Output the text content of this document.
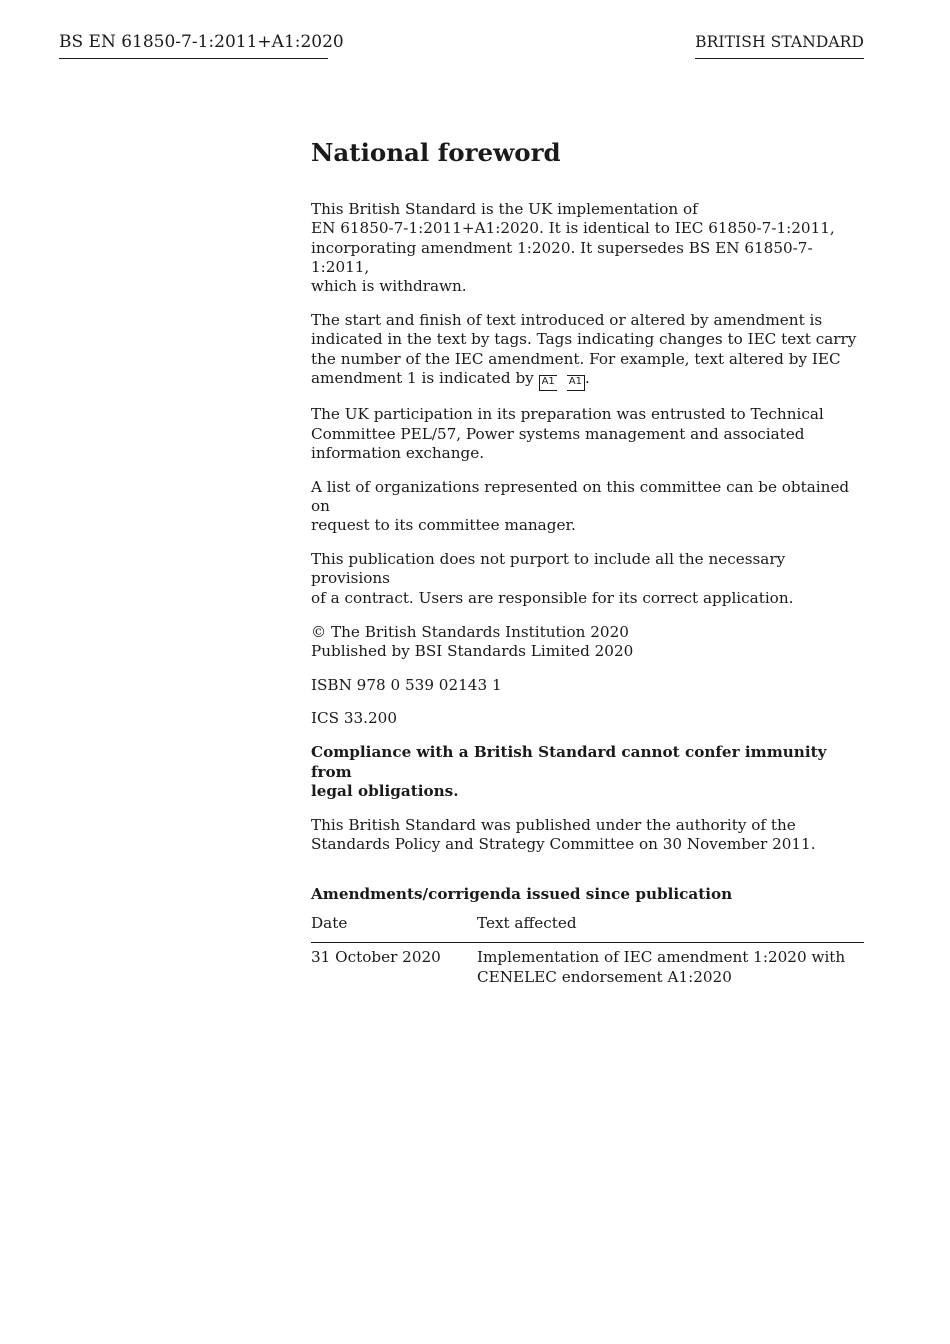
BS EN 61850-7-1:2011+A1:2020	BRITISH STANDARD
National foreword

This British Standard is the UK implementation of
EN 61850-7-1:2011+A1:2020. It is identical to IEC 61850-7-1:2011,
incorporating amendment 1:2020. It supersedes BS EN 61850-7-1:2011,
which is withdrawn.

The start and finish of text introduced or altered by amendment is
indicated in the text by tags. Tags indicating changes to IEC text carry
the number of the IEC amendment. For example, text altered by IEC
amendment 1 is indicated by A1 A1 .

The UK participation in its preparation was entrusted to Technical
Committee PEL/57, Power systems management and associated
information exchange.

A list of organizations represented on this committee can be obtained on
request to its committee manager.

This publication does not purport to include all the necessary provisions
of a contract. Users are responsible for its correct application.

© The British Standards Institution 2020
Published by BSI Standards Limited 2020

ISBN 978 0 539 02143 1

ICS 33.200

Compliance with a British Standard cannot confer immunity from
legal obligations.

This British Standard was published under the authority of the
Standards Policy and Strategy Committee on 30 November 2011.

Amendments/corrigenda issued since publication
Date	Text affected
31 October 2020	Implementation of IEC amendment 1:2020 with
CENELEC endorsement A1:2020
